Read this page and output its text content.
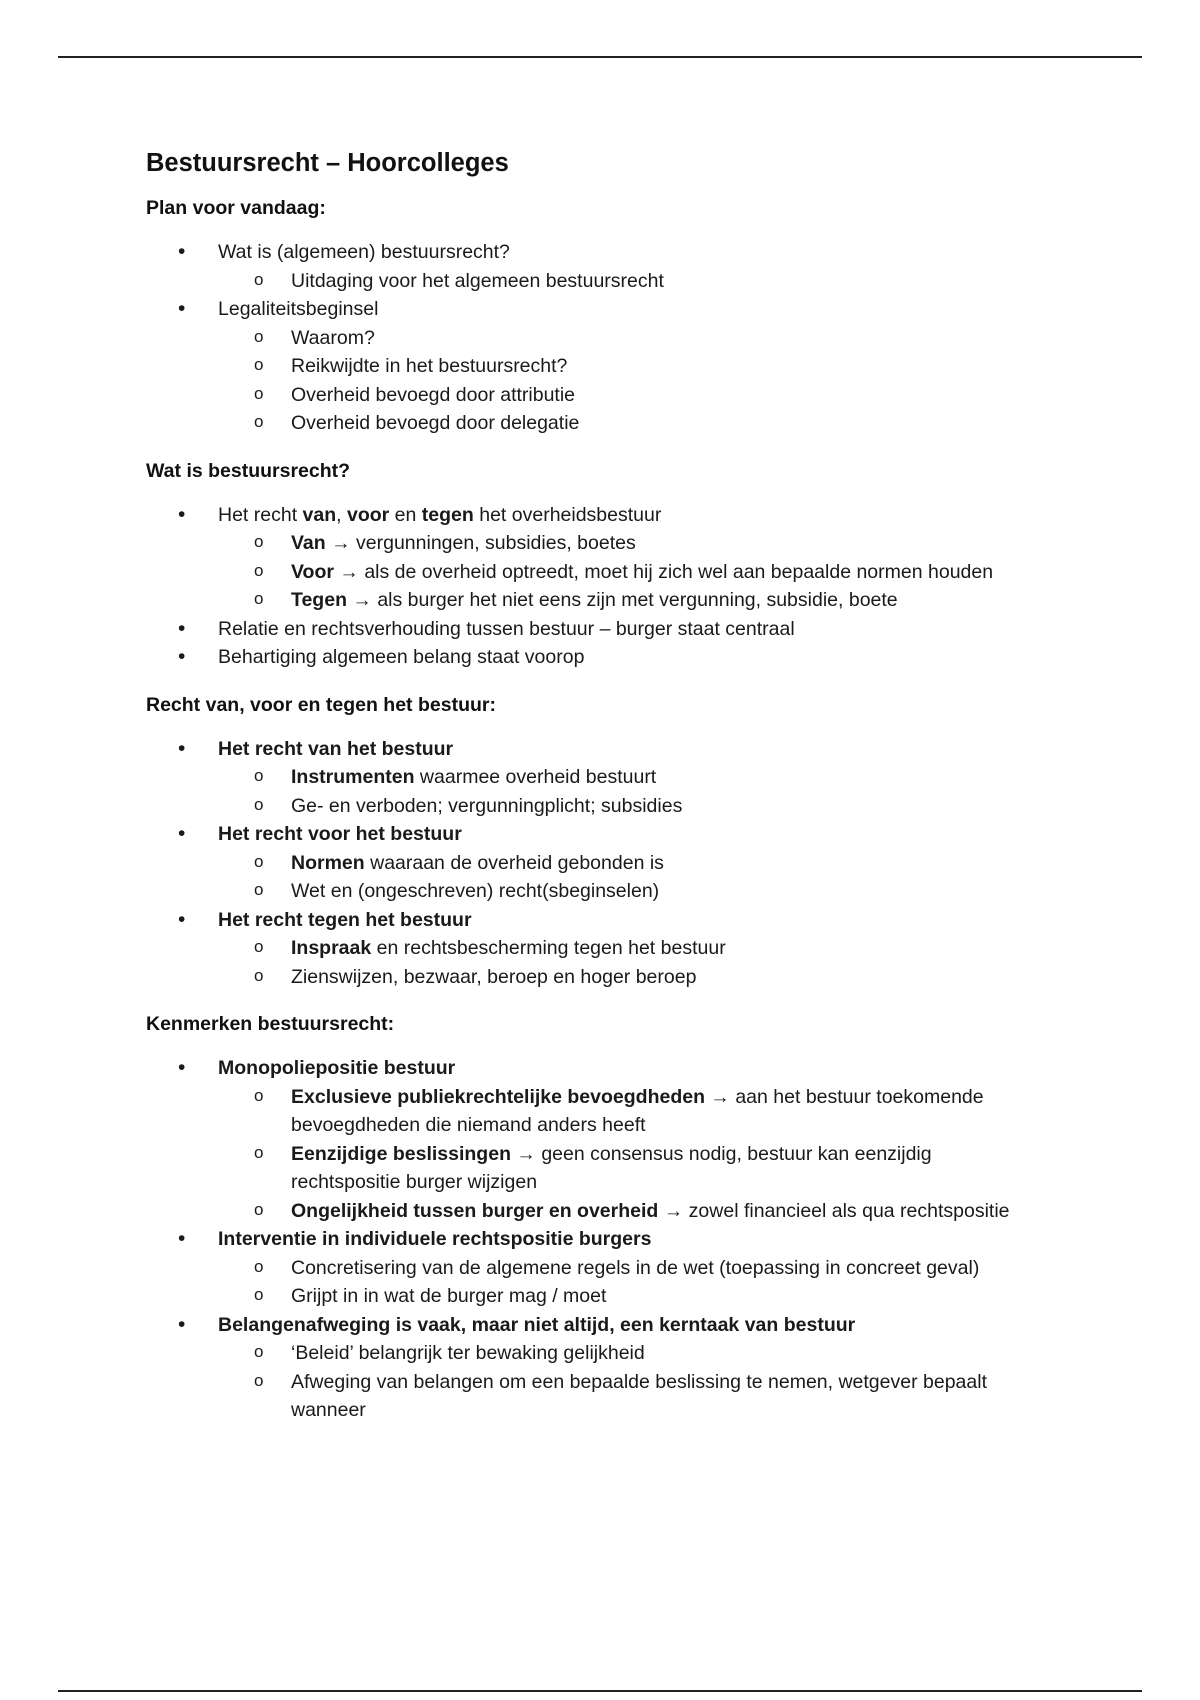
Bestuursrecht – Hoorcolleges
Plan voor vandaag:
• Wat is (algemeen) bestuursrecht?
o Uitdaging voor het algemeen bestuursrecht
• Legaliteitsbeginsel
o Waarom?
o Reikwijdte in het bestuursrecht?
o Overheid bevoegd door attributie
o Overheid bevoegd door delegatie
Wat is bestuursrecht?
• Het recht van, voor en tegen het overheidsbestuur
o Van → vergunningen, subsidies, boetes
o Voor → als de overheid optreedt, moet hij zich wel aan bepaalde normen houden
o Tegen → als burger het niet eens zijn met vergunning, subsidie, boete
• Relatie en rechtsverhouding tussen bestuur – burger staat centraal
• Behartiging algemeen belang staat voorop
Recht van, voor en tegen het bestuur:
• Het recht van het bestuur
o Instrumenten waarmee overheid bestuurt
o Ge- en verboden; vergunningplicht; subsidies
• Het recht voor het bestuur
o Normen waaraan de overheid gebonden is
o Wet en (ongeschreven) recht(sbeginselen)
• Het recht tegen het bestuur
o Inspraak en rechtsbescherming tegen het bestuur
o Zienswijzen, bezwaar, beroep en hoger beroep
Kenmerken bestuursrecht:
• Monopoliepositie bestuur
o Exclusieve publiekrechtelijke bevoegdheden → aan het bestuur toekomende bevoegdheden die niemand anders heeft
o Eenzijdige beslissingen → geen consensus nodig, bestuur kan eenzijdig rechtspositie burger wijzigen
o Ongelijkheid tussen burger en overheid → zowel financieel als qua rechtspositie
• Interventie in individuele rechtspositie burgers
o Concretisering van de algemene regels in de wet (toepassing in concreet geval)
o Grijpt in in wat de burger mag / moet
• Belangenafweging is vaak, maar niet altijd, een kerntaak van bestuur
o ‘Beleid’ belangrijk ter bewaking gelijkheid
o Afweging van belangen om een bepaalde beslissing te nemen, wetgever bepaalt wanneer
